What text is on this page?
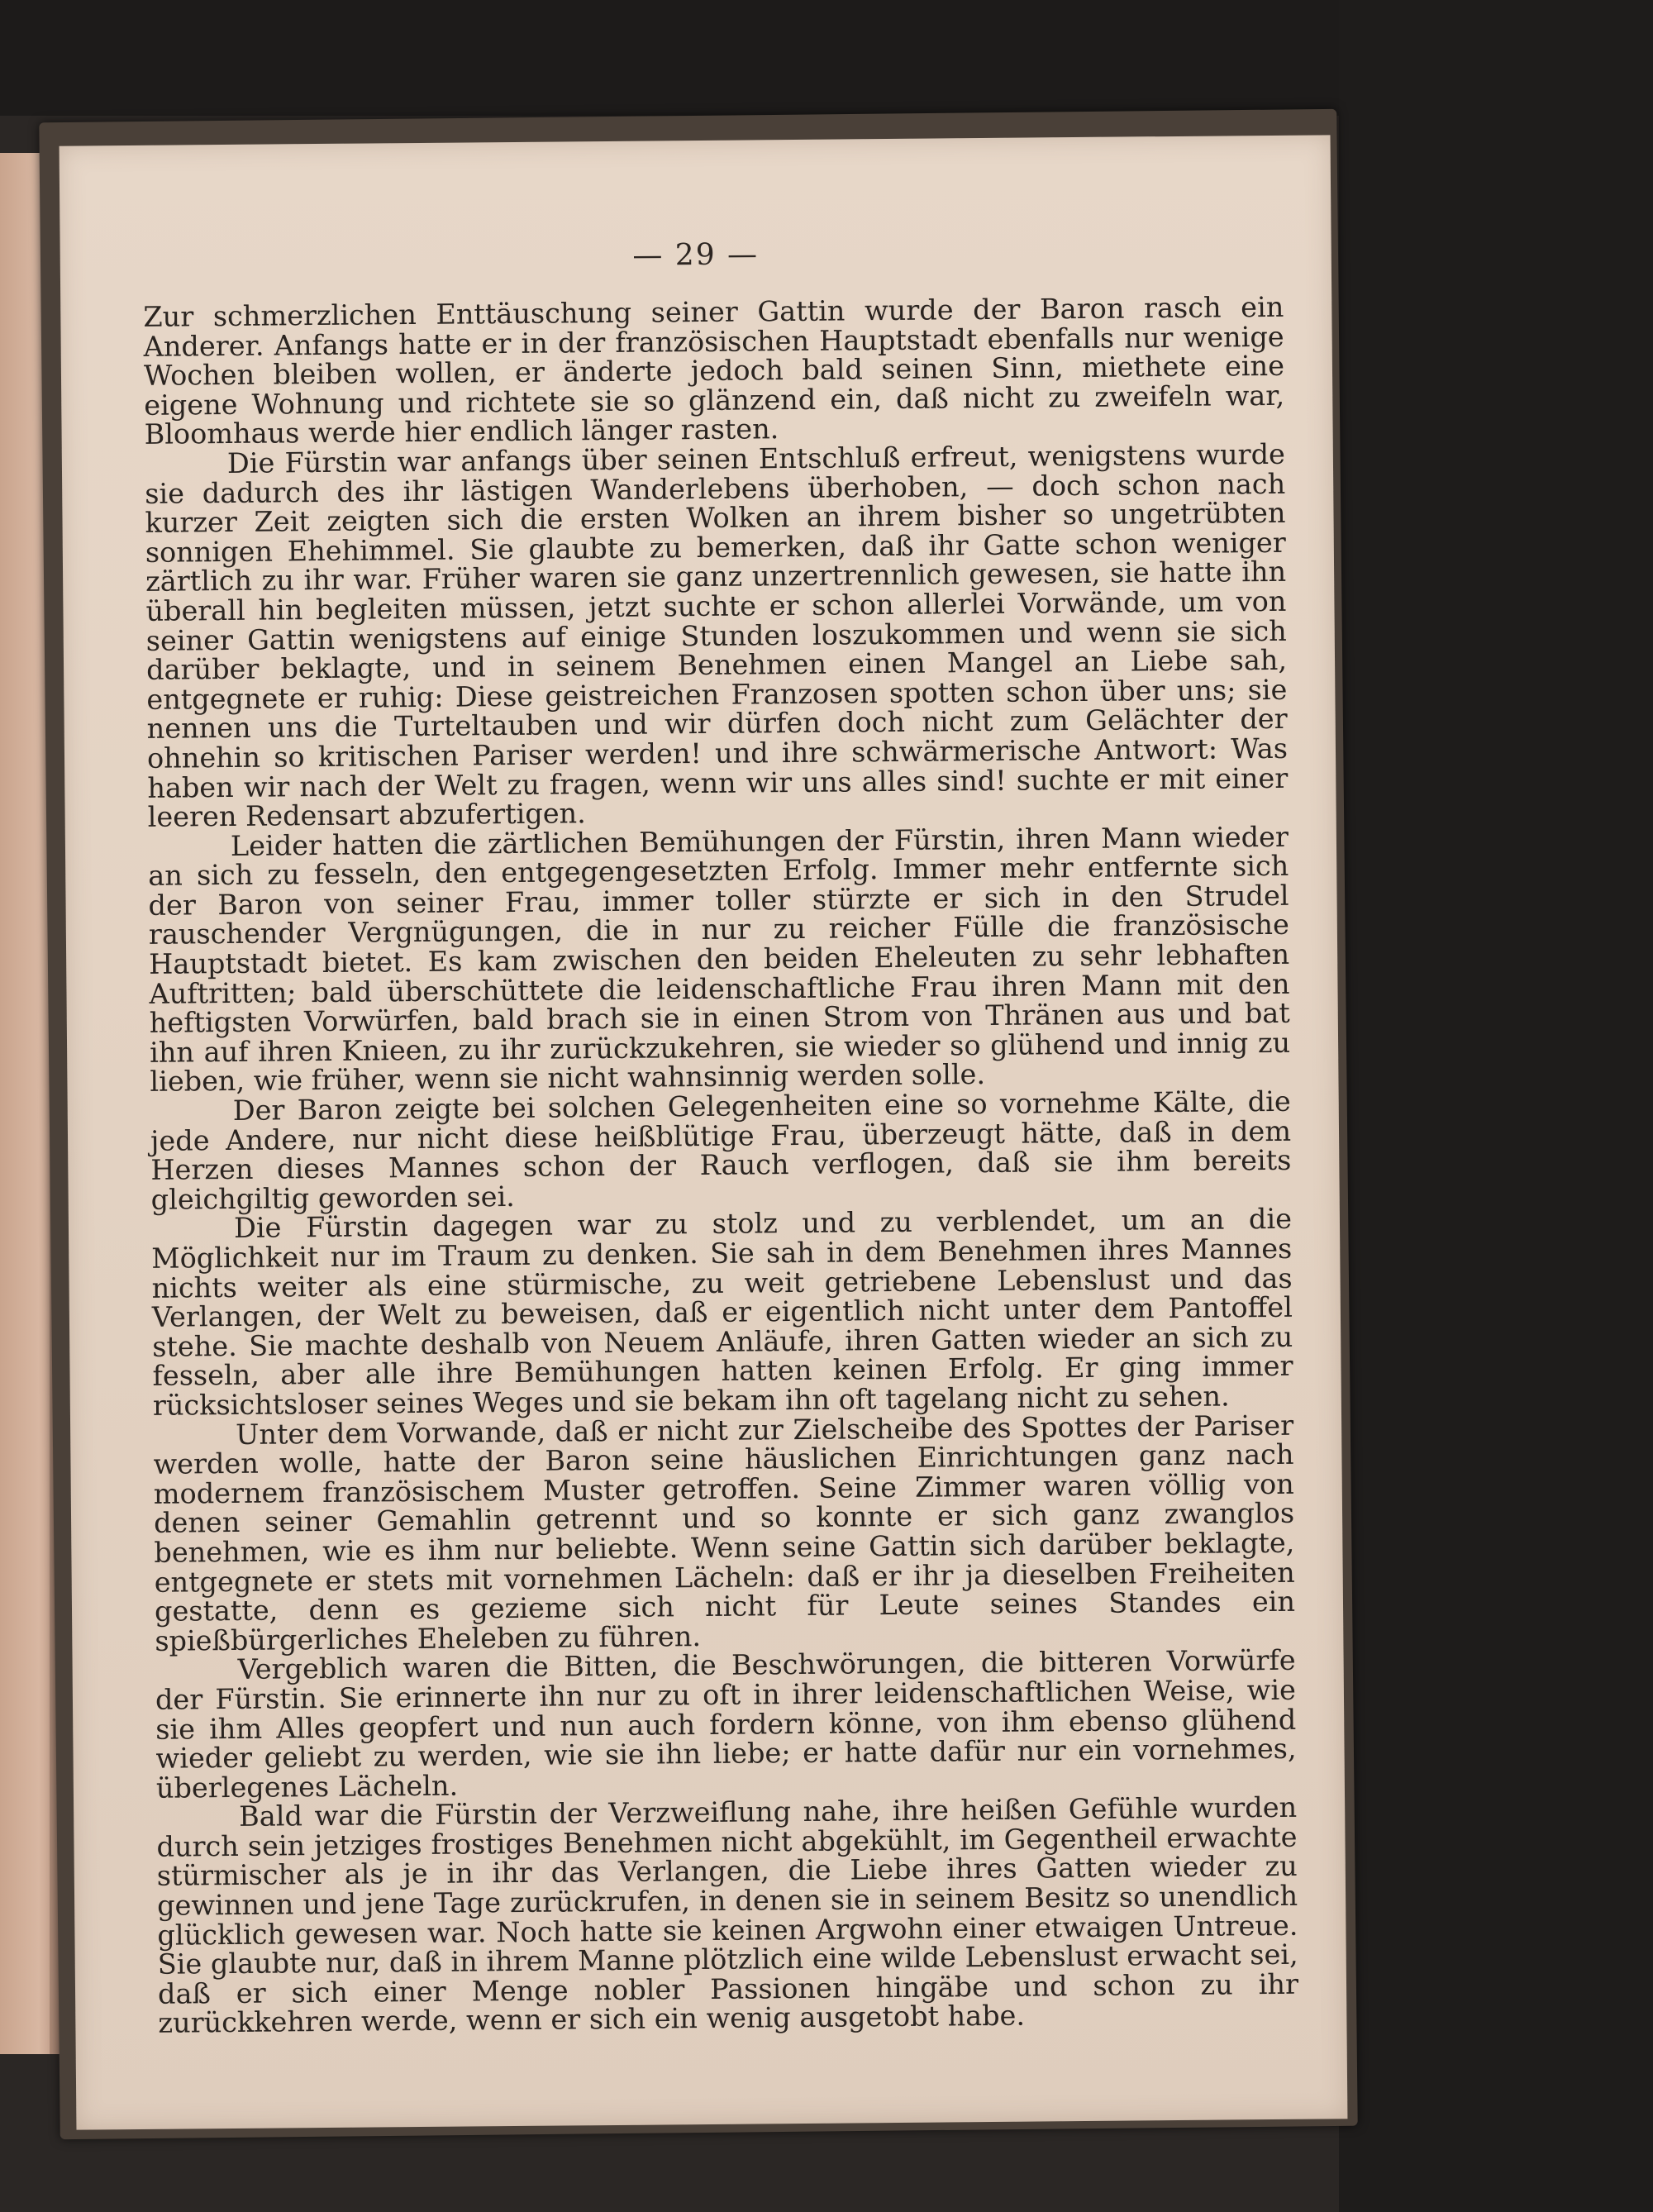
— 29 —

Zur schmerzlichen Enttäuschung seiner Gattin wurde der Baron rasch ein Anderer. Anfangs hatte er in der französischen Hauptstadt ebenfalls nur wenige Wochen bleiben wollen, er änderte jedoch bald seinen Sinn, miethete eine eigene Wohnung und richtete sie so glänzend ein, daß nicht zu zweifeln war, Bloomhaus werde hier endlich länger rasten.

Die Fürstin war anfangs über seinen Entschluß erfreut, wenigstens wurde sie dadurch des ihr lästigen Wanderlebens überhoben, — doch schon nach kurzer Zeit zeigten sich die ersten Wolken an ihrem bisher so ungetrübten sonnigen Ehehimmel. Sie glaubte zu bemerken, daß ihr Gatte schon weniger zärtlich zu ihr war. Früher waren sie ganz unzertrennlich gewesen, sie hatte ihn überall hin begleiten müssen, jetzt suchte er schon allerlei Vorwände, um von seiner Gattin wenigstens auf einige Stunden loszukommen und wenn sie sich darüber beklagte, und in seinem Benehmen einen Mangel an Liebe sah, entgegnete er ruhig: Diese geistreichen Franzosen spotten schon über uns; sie nennen uns die Turteltauben und wir dürfen doch nicht zum Gelächter der ohnehin so kritischen Pariser werden! und ihre schwärmerische Antwort: Was haben wir nach der Welt zu fragen, wenn wir uns alles sind! suchte er mit einer leeren Redensart abzufertigen.

Leider hatten die zärtlichen Bemühungen der Fürstin, ihren Mann wieder an sich zu fesseln, den entgegengesetzten Erfolg. Immer mehr entfernte sich der Baron von seiner Frau, immer toller stürzte er sich in den Strudel rauschender Vergnügungen, die in nur zu reicher Fülle die französische Hauptstadt bietet. Es kam zwischen den beiden Eheleuten zu sehr lebhaften Auftritten; bald überschüttete die leidenschaftliche Frau ihren Mann mit den heftigsten Vorwürfen, bald brach sie in einen Strom von Thränen aus und bat ihn auf ihren Knieen, zu ihr zurückzukehren, sie wieder so glühend und innig zu lieben, wie früher, wenn sie nicht wahnsinnig werden solle.

Der Baron zeigte bei solchen Gelegenheiten eine so vornehme Kälte, die jede Andere, nur nicht diese heißblütige Frau, überzeugt hätte, daß in dem Herzen dieses Mannes schon der Rauch verflogen, daß sie ihm bereits gleichgiltig geworden sei.

Die Fürstin dagegen war zu stolz und zu verblendet, um an die Möglichkeit nur im Traum zu denken. Sie sah in dem Benehmen ihres Mannes nichts weiter als eine stürmische, zu weit getriebene Lebenslust und das Verlangen, der Welt zu beweisen, daß er eigentlich nicht unter dem Pantoffel stehe. Sie machte deshalb von Neuem Anläufe, ihren Gatten wieder an sich zu fesseln, aber alle ihre Bemühungen hatten keinen Erfolg. Er ging immer rücksichtsloser seines Weges und sie bekam ihn oft tagelang nicht zu sehen.

Unter dem Vorwande, daß er nicht zur Zielscheibe des Spottes der Pariser werden wolle, hatte der Baron seine häuslichen Einrichtungen ganz nach modernem französischem Muster getroffen. Seine Zimmer waren völlig von denen seiner Gemahlin getrennt und so konnte er sich ganz zwanglos benehmen, wie es ihm nur beliebte. Wenn seine Gattin sich darüber beklagte, entgegnete er stets mit vornehmen Lächeln: daß er ihr ja dieselben Freiheiten gestatte, denn es gezieme sich nicht für Leute seines Standes ein spießbürgerliches Eheleben zu führen.

Vergeblich waren die Bitten, die Beschwörungen, die bitteren Vorwürfe der Fürstin. Sie erinnerte ihn nur zu oft in ihrer leidenschaftlichen Weise, wie sie ihm Alles geopfert und nun auch fordern könne, von ihm ebenso glühend wieder geliebt zu werden, wie sie ihn liebe; er hatte dafür nur ein vornehmes, überlegenes Lächeln.

Bald war die Fürstin der Verzweiflung nahe, ihre heißen Gefühle wurden durch sein jetziges frostiges Benehmen nicht abgekühlt, im Gegentheil erwachte stürmischer als je in ihr das Verlangen, die Liebe ihres Gatten wieder zu gewinnen und jene Tage zurückrufen, in denen sie in seinem Besitz so unendlich glücklich gewesen war. Noch hatte sie keinen Argwohn einer etwaigen Untreue. Sie glaubte nur, daß in ihrem Manne plötzlich eine wilde Lebenslust erwacht sei, daß er sich einer Menge nobler Passionen hingäbe und schon zu ihr zurückkehren werde, wenn er sich ein wenig ausgetobt habe.
